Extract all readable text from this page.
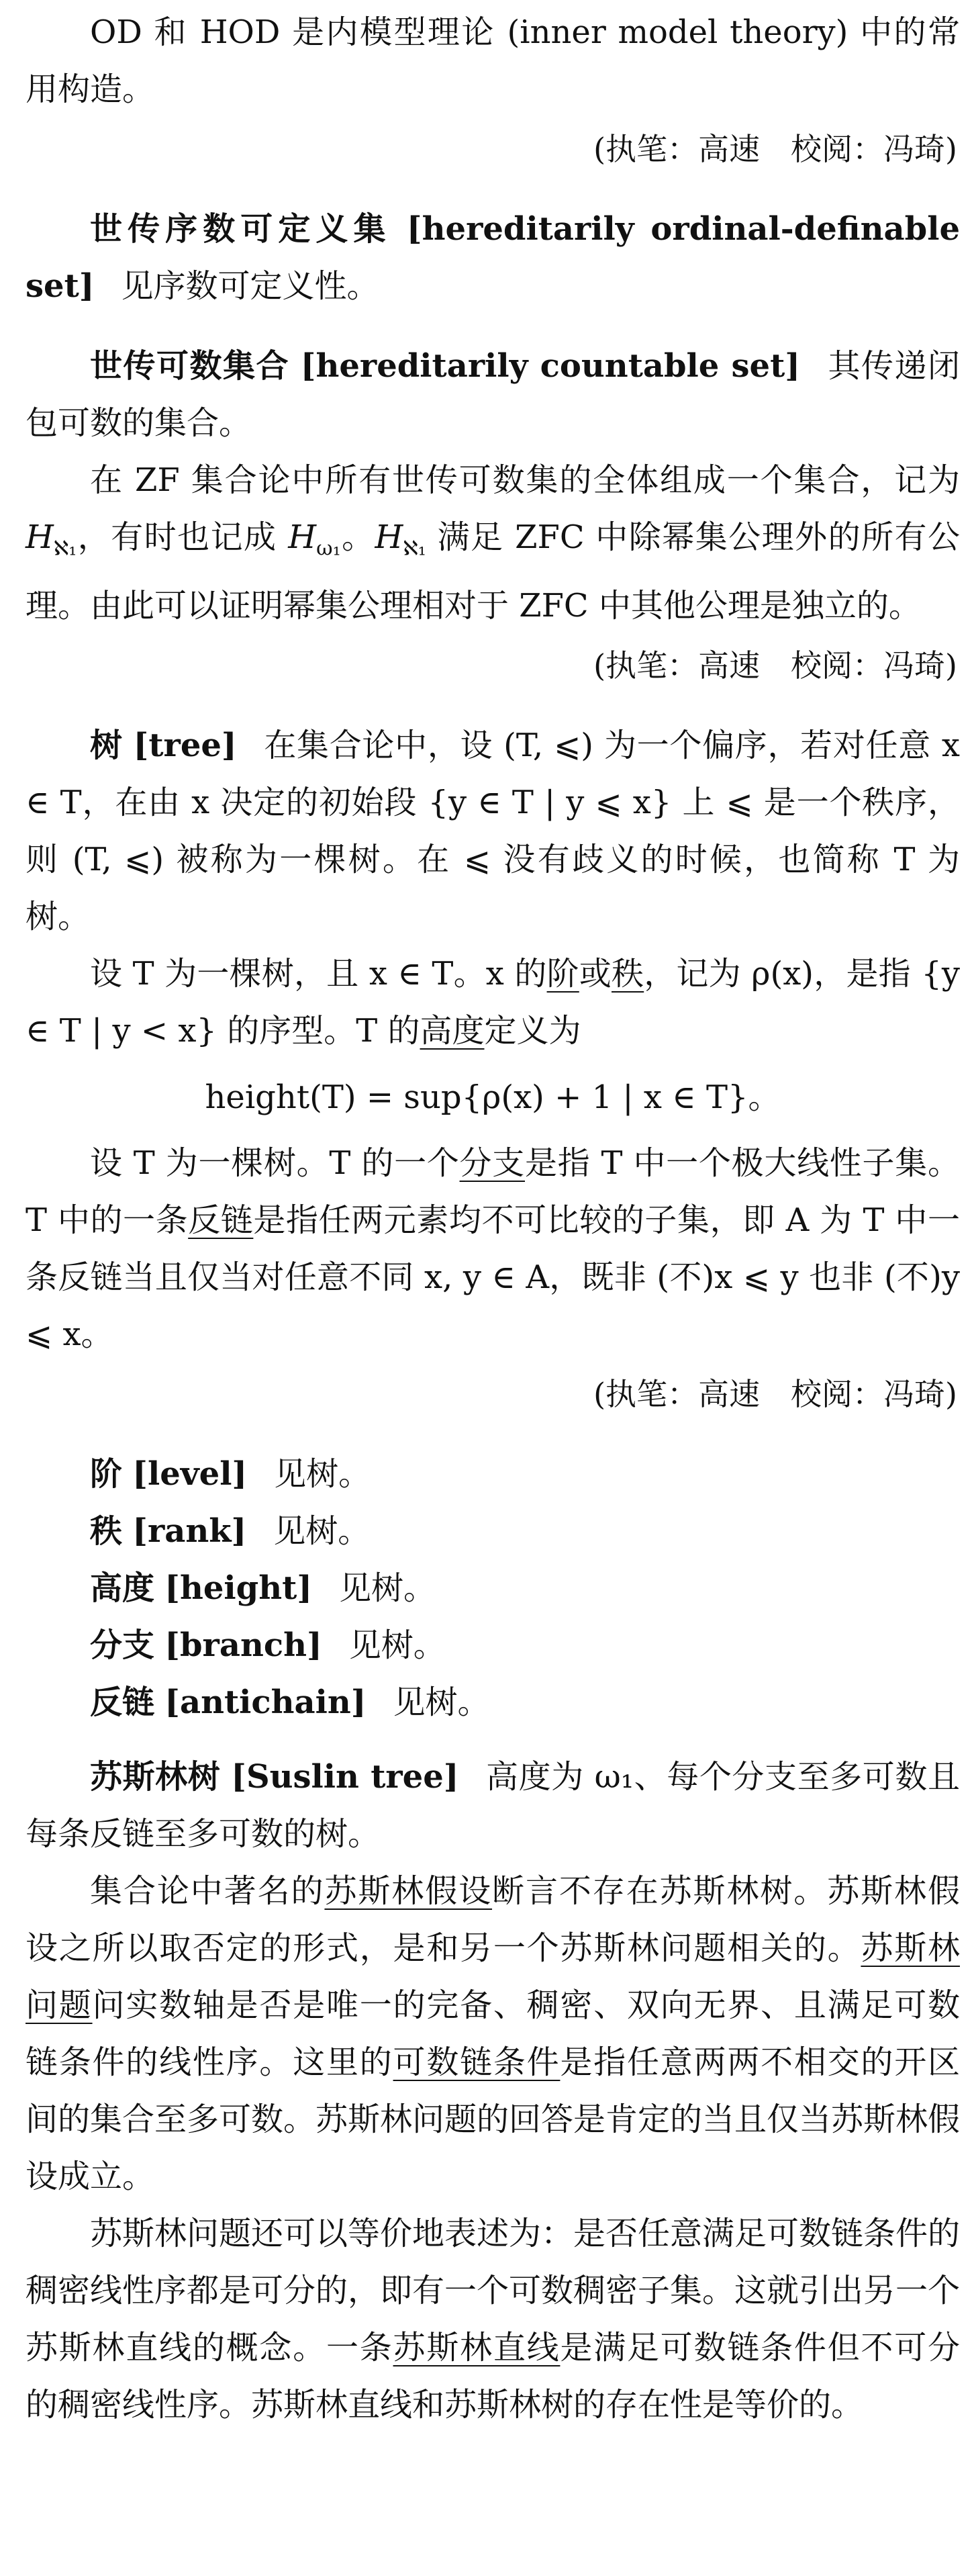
OD 和 HOD 是内模型理论 (inner model theory) 中的常用构造。

(执笔：高速　校阅：冯琦)

世传序数可定义集 [hereditarily ordinal-definable set] 见序数可定义性。

世传可数集合 [hereditarily countable set] 其传递闭包可数的集合。

在 ZF 集合论中所有世传可数集的全体组成一个集合，记为 $H_{ℵ_1}$，有时也记成 $H_{\omega_1}$。$H_{ℵ_1}$ 满足 ZFC 中除幂集公理外的所有公理。由此可以证明幂集公理相对于 ZFC 中其他公理是独立的。

(执笔：高速　校阅：冯琦)

树 [tree] 在集合论中，设 (T, ⩽) 为一个偏序，若对任意 x ∈ T，在由 x 决定的初始段 {y ∈ T | y ⩽ x} 上 ⩽ 是一个秩序，则 (T, ⩽) 被称为一棵树。在 ⩽ 没有歧义的时候，也简称 T 为树。

设 T 为一棵树，且 x ∈ T。x 的阶或秩，记为 ρ(x)，是指 {y ∈ T | y < x} 的序型。T 的高度定义为

height(T) = sup{ρ(x) + 1 | x ∈ T}。

设 T 为一棵树。T 的一个分支是指 T 中一个极大线性子集。T 中的一条反链是指任两元素均不可比较的子集，即 A 为 T 中一条反链当且仅当对任意不同 x, y ∈ A，既非 (不)x ⩽ y 也非 (不)y ⩽ x。

(执笔：高速　校阅：冯琦)

阶 [level] 见树。

秩 [rank] 见树。

高度 [height] 见树。

分支 [branch] 见树。

反链 [antichain] 见树。

苏斯林树 [Suslin tree] 高度为 ω₁、每个分支至多可数且每条反链至多可数的树。

集合论中著名的苏斯林假设断言不存在苏斯林树。苏斯林假设之所以取否定的形式，是和另一个苏斯林问题相关的。苏斯林问题问实数轴是否是唯一的完备、稠密、双向无界、且满足可数链条件的线性序。这里的可数链条件是指任意两两不相交的开区间的集合至多可数。苏斯林问题的回答是肯定的当且仅当苏斯林假设成立。

苏斯林问题还可以等价地表述为：是否任意满足可数链条件的稠密线性序都是可分的，即有一个可数稠密子集。这就引出另一个苏斯林直线的概念。一条苏斯林直线是满足可数链条件但不可分的稠密线性序。苏斯林直线和苏斯林树的存在性是等价的。
